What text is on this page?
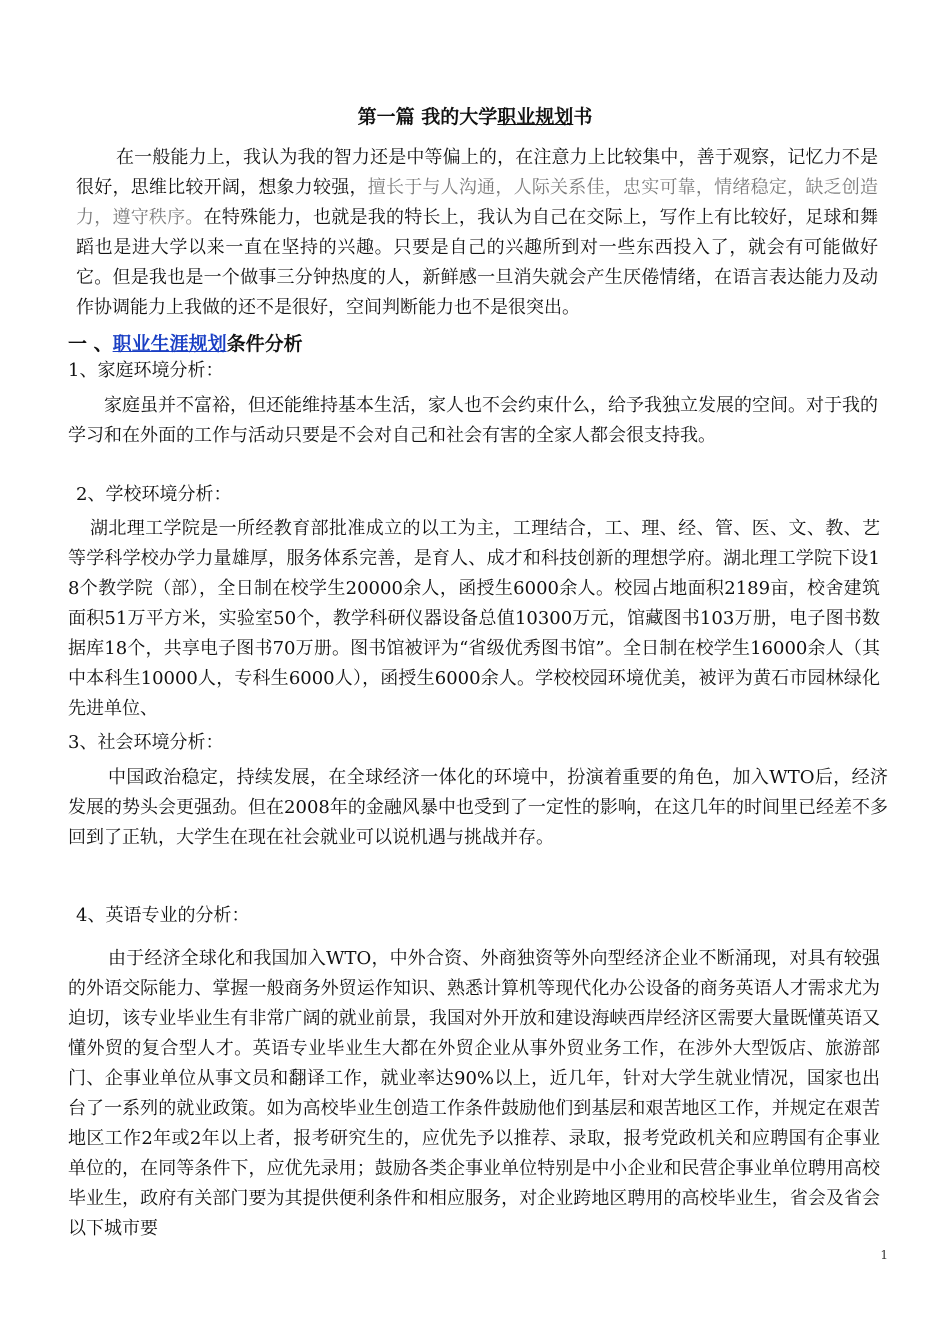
第一篇 我的大学职业规划书
在一般能力上，我认为我的智力还是中等偏上的，在注意力上比较集中，善于观察，记忆力不是很好，思维比较开阔，想象力较强，擅长于与人沟通，人际关系佳，忠实可靠，情绪稳定，缺乏创造力，遵守秩序。在特殊能力，也就是我的特长上，我认为自己在交际上，写作上有比较好，足球和舞蹈也是进大学以来一直在坚持的兴趣。只要是自己的兴趣所到对一些东西投入了，就会有可能做好它。但是我也是一个做事三分钟热度的人，新鲜感一旦消失就会产生厌倦情绪，在语言表达能力及动作协调能力上我做的还不是很好，空间判断能力也不是很突出。
一 、职业生涯规划条件分析
1、家庭环境分析：
家庭虽并不富裕，但还能维持基本生活，家人也不会约束什么，给予我独立发展的空间。对于我的学习和在外面的工作与活动只要是不会对自己和社会有害的全家人都会很支持我。
2、学校环境分析：
湖北理工学院是一所经教育部批准成立的以工为主，工理结合，工、理、经、管、医、文、教、艺等学科学校办学力量雄厚，服务体系完善，是育人、成才和科技创新的理想学府。湖北理工学院下设18个教学院（部），全日制在校学生20000余人，函授生6000余人。校园占地面积2189亩，校舍建筑面积51万平方米，实验室50个，教学科研仪器设备总值10300万元，馆藏图书103万册，电子图书数据库18个，共享电子图书70万册。图书馆被评为“省级优秀图书馆”。全日制在校学生16000余人（其中本科生10000人，专科生6000人），函授生6000余人。学校校园环境优美，被评为黄石市园林绿化先进单位、
3、社会环境分析：
中国政治稳定，持续发展，在全球经济一体化的环境中，扮演着重要的角色，加入WTO后，经济发展的势头会更强劲。但在2008年的金融风暴中也受到了一定性的影响，在这几年的时间里已经差不多回到了正轨，大学生在现在社会就业可以说机遇与挑战并存。
4、英语专业的分析：
由于经济全球化和我国加入WTO，中外合资、外商独资等外向型经济企业不断涌现，对具有较强的外语交际能力、掌握一般商务外贸运作知识、熟悉计算机等现代化办公设备的商务英语人才需求尤为迫切，该专业毕业生有非常广阔的就业前景，我国对外开放和建设海峡西岸经济区需要大量既懂英语又懂外贸的复合型人才。英语专业毕业生大都在外贸企业从事外贸业务工作，在涉外大型饭店、旅游部门、企事业单位从事文员和翻译工作，就业率达90%以上，近几年，针对大学生就业情况，国家也出台了一系列的就业政策。如为高校毕业生创造工作条件鼓励他们到基层和艰苦地区工作，并规定在艰苦地区工作2年或2年以上者，报考研究生的，应优先予以推荐、录取，报考党政机关和应聘国有企事业单位的，在同等条件下，应优先录用；鼓励各类企事业单位特别是中小企业和民营企事业单位聘用高校毕业生，政府有关部门要为其提供便利条件和相应服务，对企业跨地区聘用的高校毕业生，省会及省会以下城市要
1
